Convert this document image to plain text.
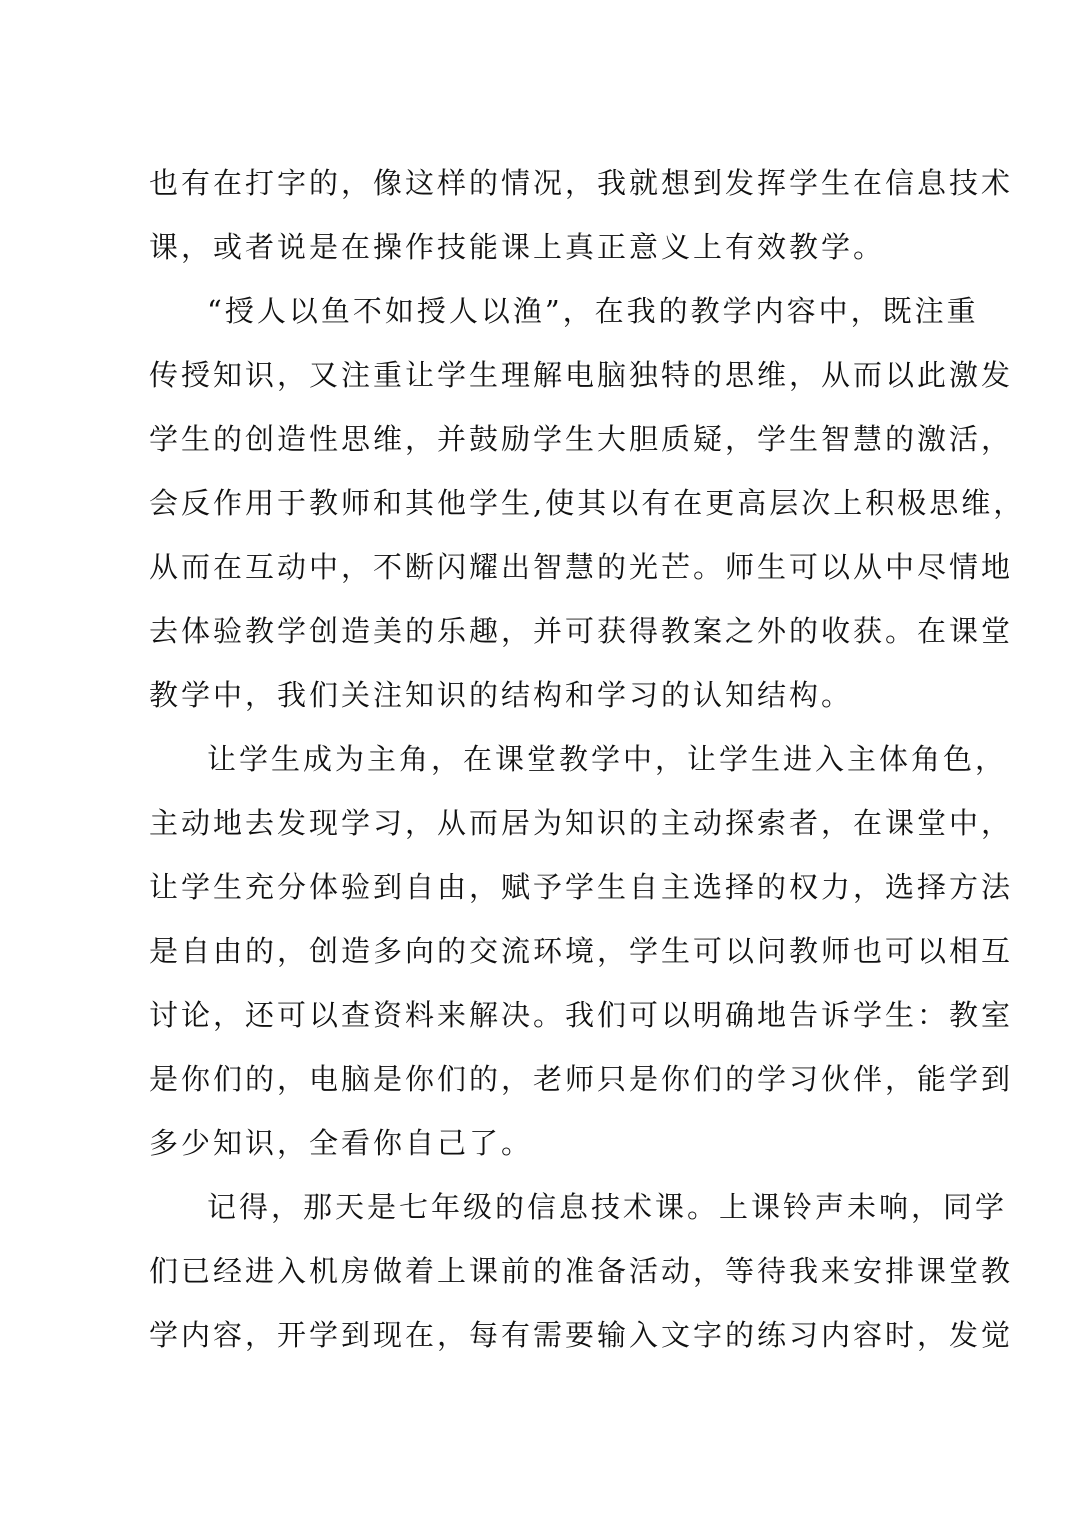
也有在打字的，像这样的情况，我就想到发挥学生在信息技术
课，或者说是在操作技能课上真正意义上有效教学。
“授人以鱼不如授人以渔”，在我的教学内容中，既注重
传授知识，又注重让学生理解电脑独特的思维，从而以此激发
学生的创造性思维，并鼓励学生大胆质疑，学生智慧的激活，
会反作用于教师和其他学生,使其以有在更高层次上积极思维，
从而在互动中，不断闪耀出智慧的光芒。师生可以从中尽情地
去体验教学创造美的乐趣，并可获得教案之外的收获。在课堂
教学中，我们关注知识的结构和学习的认知结构。
让学生成为主角，在课堂教学中，让学生进入主体角色，
主动地去发现学习，从而居为知识的主动探索者，在课堂中，
让学生充分体验到自由，赋予学生自主选择的权力，选择方法
是自由的，创造多向的交流环境，学生可以问教师也可以相互
讨论，还可以查资料来解决。我们可以明确地告诉学生：教室
是你们的，电脑是你们的，老师只是你们的学习伙伴，能学到
多少知识，全看你自己了。
记得，那天是七年级的信息技术课。上课铃声未响，同学
们已经进入机房做着上课前的准备活动，等待我来安排课堂教
学内容，开学到现在，每有需要输入文字的练习内容时，发觉
